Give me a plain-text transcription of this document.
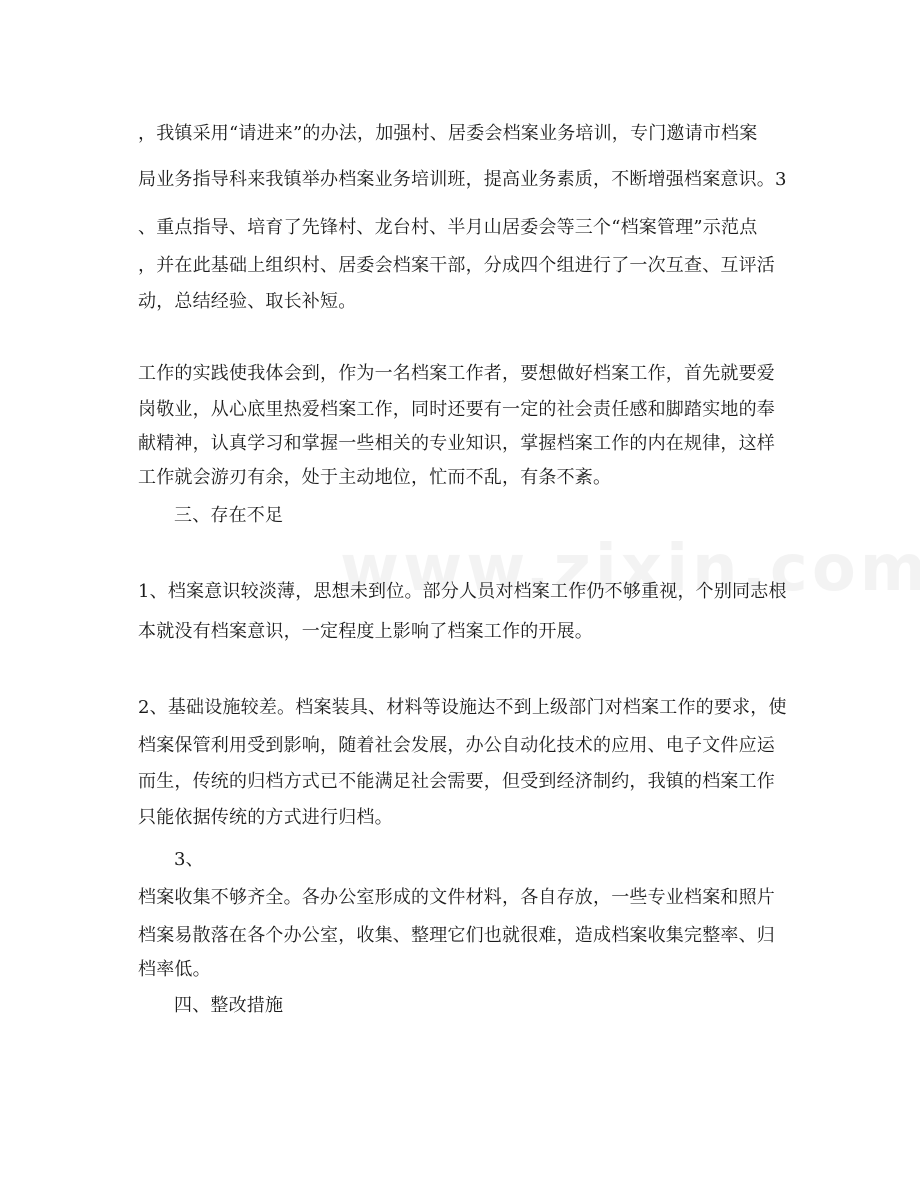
，我镇采用“请进来”的办法，加强村、居委会档案业务培训，专门邀请市档案
局业务指导科来我镇举办档案业务培训班，提高业务素质，不断增强档案意识。3
、重点指导、培育了先锋村、龙台村、半月山居委会等三个“档案管理”示范点
，并在此基础上组织村、居委会档案干部，分成四个组进行了一次互查、互评活
动，总结经验、取长补短。
工作的实践使我体会到，作为一名档案工作者，要想做好档案工作，首先就要爱
岗敬业，从心底里热爱档案工作，同时还要有一定的社会责任感和脚踏实地的奉
献精神，认真学习和掌握一些相关的专业知识，掌握档案工作的内在规律，这样
工作就会游刃有余，处于主动地位，忙而不乱，有条不紊。
三、存在不足
1、档案意识较淡薄，思想未到位。部分人员对档案工作仍不够重视，个别同志根
本就没有档案意识，一定程度上影响了档案工作的开展。
2、基础设施较差。档案装具、材料等设施达不到上级部门对档案工作的要求，使
档案保管利用受到影响，随着社会发展，办公自动化技术的应用、电子文件应运
而生，传统的归档方式已不能满足社会需要，但受到经济制约，我镇的档案工作
只能依据传统的方式进行归档。
3、
档案收集不够齐全。各办公室形成的文件材料，各自存放，一些专业档案和照片
档案易散落在各个办公室，收集、整理它们也就很难，造成档案收集完整率、归
档率低。
四、整改措施
